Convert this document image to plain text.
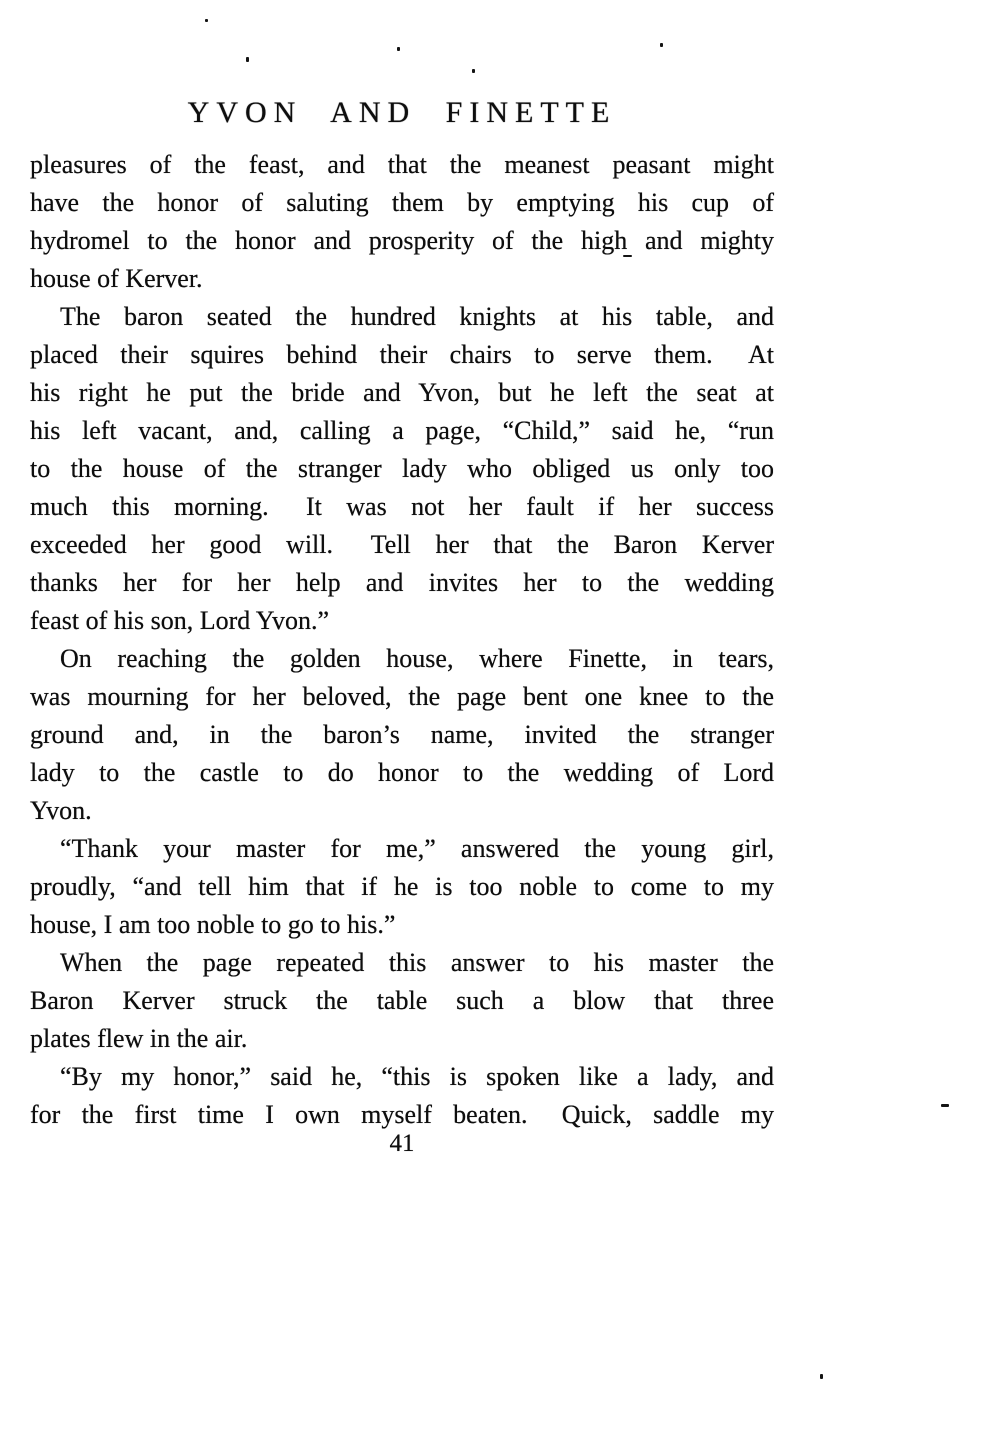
YVON AND FINETTE
pleasures of the feast, and that the meanest peasant might
have the honor of saluting them by emptying his cup of
hydromel to the honor and prosperity of the high and mighty
house of Kerver.
The baron seated the hundred knights at his table, and
placed their squires behind their chairs to serve them.  At
his right he put the bride and Yvon, but he left the seat at
his left vacant, and, calling a page, “Child,” said he, “run
to the house of the stranger lady who obliged us only too
much this morning.  It was not her fault if her success
exceeded her good will.  Tell her that the Baron Kerver
thanks her for her help and invites her to the wedding
feast of his son, Lord Yvon.”
On reaching the golden house, where Finette, in tears,
was mourning for her beloved, the page bent one knee to the
ground and, in the baron’s name, invited the stranger
lady to the castle to do honor to the wedding of Lord
Yvon.
“Thank your master for me,” answered the young girl,
proudly, “and tell him that if he is too noble to come to my
house, I am too noble to go to his.”
When the page repeated this answer to his master the
Baron Kerver struck the table such a blow that three
plates flew in the air.
“By my honor,” said he, “this is spoken like a lady, and
for the first time I own myself beaten.  Quick, saddle my
41
